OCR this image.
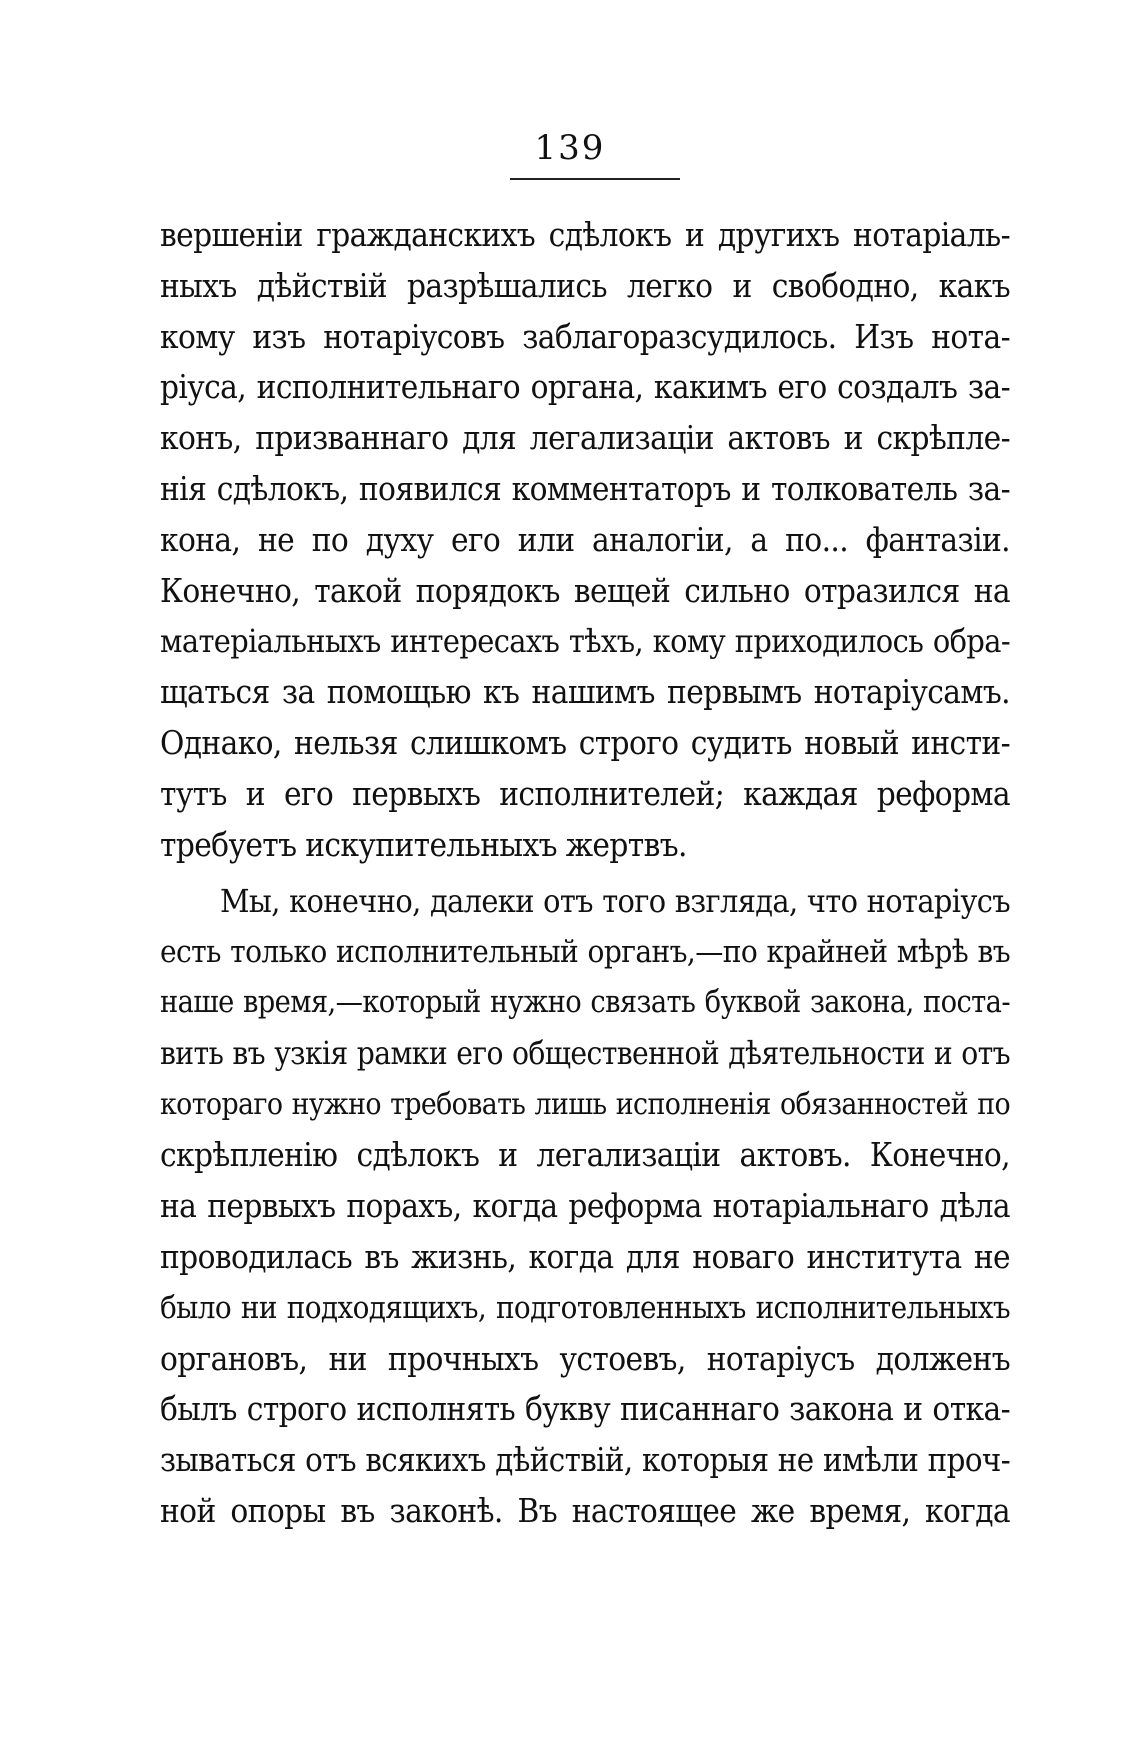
139
вершеніи гражданскихъ сдѣлокъ и другихъ нотаріаль-
ныхъ дѣйствій разрѣшались легко и свободно, какъ
кому изъ нотаріусовъ заблагоразсудилось. Изъ нота-
ріуса, исполнительнаго органа, какимъ его создалъ за-
конъ, призваннаго для легализаціи актовъ и скрѣпле-
нія сдѣлокъ, появился комментаторъ и толкователь за-
кона, не по духу его или аналогіи, а по... фантазіи.
Конечно, такой порядокъ вещей сильно отразился на
матеріальныхъ интересахъ тѣхъ, кому приходилось обра-
щаться за помощью къ нашимъ первымъ нотаріусамъ.
Однако, нельзя слишкомъ строго судить новый инсти-
тутъ и его первыхъ исполнителей; каждая реформа
требуетъ искупительныхъ жертвъ.
Мы, конечно, далеки отъ того взгляда, что нотаріусъ
есть только исполнительный органъ,—по крайней мѣрѣ въ
наше время,—который нужно связать буквой закона, поста-
вить въ узкія рамки его общественной дѣятельности и отъ
котораго нужно требовать лишь исполненія обязанностей по
скрѣпленію сдѣлокъ и легализаціи актовъ. Конечно,
на первыхъ порахъ, когда реформа нотаріальнаго дѣла
проводилась въ жизнь, когда для новаго института не
было ни подходящихъ, подготовленныхъ исполнительныхъ
органовъ, ни прочныхъ устоевъ, нотаріусъ долженъ
былъ строго исполнять букву писаннаго закона и отка-
зываться отъ всякихъ дѣйствій, которыя не имѣли проч-
ной опоры въ законѣ. Въ настоящее же время, когда
